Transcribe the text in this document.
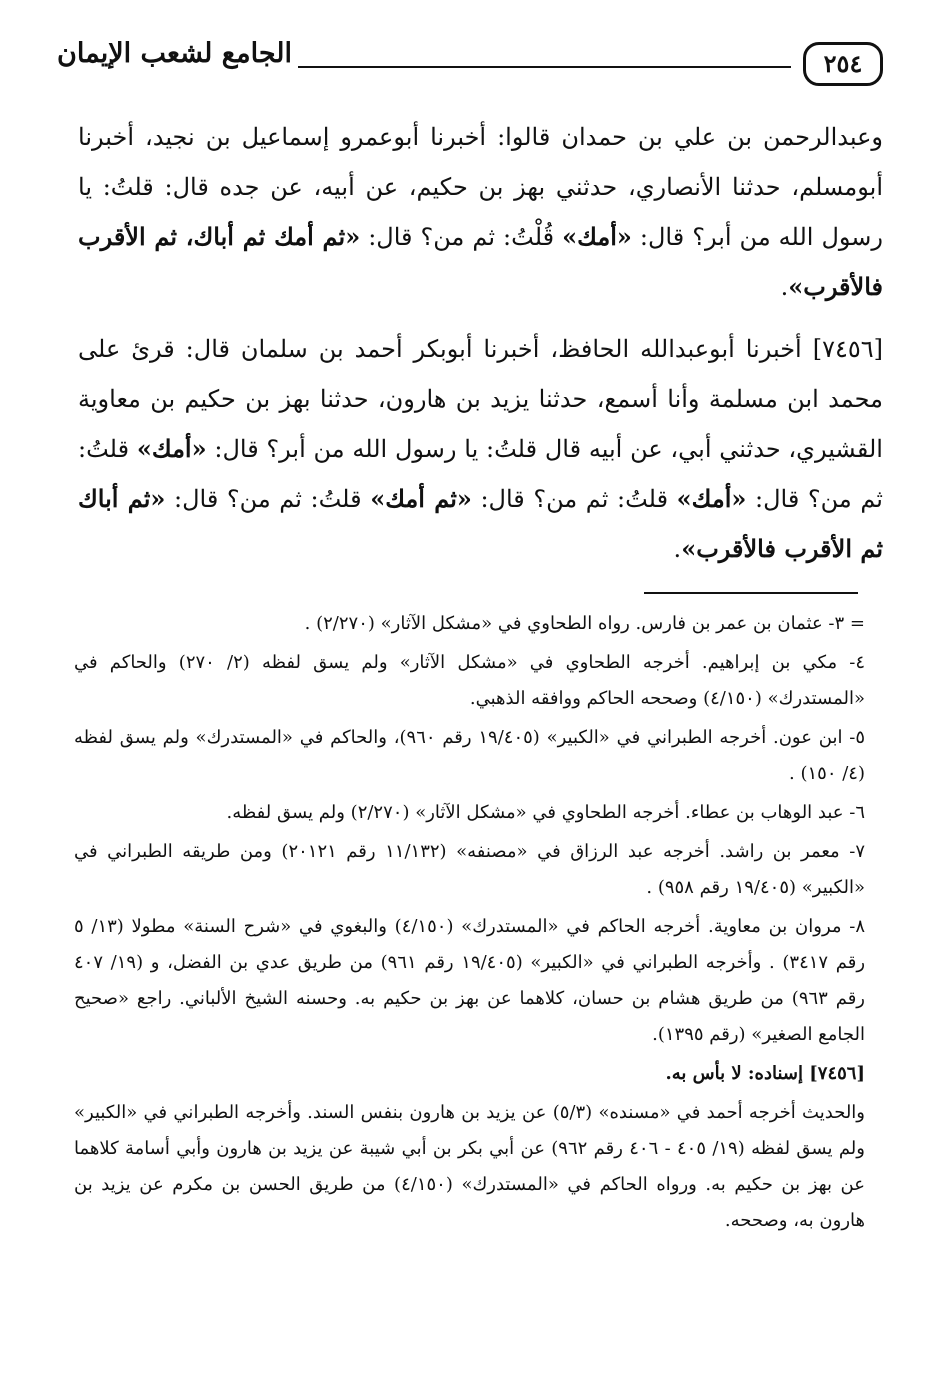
٢٥٤
الجامع لشعب الإيمان

وعبدالرحمن بن علي بن حمدان قالوا: أخبرنا أبوعمرو إسماعيل بن نجيد، أخبرنا أبومسلم، حدثنا الأنصاري، حدثني بهز بن حكيم، عن أبيه، عن جده قال: قلتُ: يا رسول الله من أبر؟ قال: «أمك» قُلْتُ: ثم من؟ قال: «ثم أمك ثم أباك، ثم الأقرب فالأقرب».

[٧٤٥٦] أخبرنا أبوعبدالله الحافظ، أخبرنا أبوبكر أحمد بن سلمان قال: قرئ على محمد ابن مسلمة وأنا أسمع، حدثنا يزيد بن هارون، حدثنا بهز بن حكيم بن معاوية القشيري، حدثني أبي، عن أبيه قال قلتُ: يا رسول الله من أبر؟ قال: «أمك» قلتُ: ثم من؟ قال: «أمك» قلتُ: ثم من؟ قال: «ثم أمك» قلتُ: ثم من؟ قال: «ثم أباك ثم الأقرب فالأقرب».

= ٣- عثمان بن عمر بن فارس. رواه الطحاوي في «مشكل الآثار» (٢/٢٧٠) .

٤- مكي بن إبراهيم. أخرجه الطحاوي في «مشكل الآثار» ولم يسق لفظه (٢/ ٢٧٠) والحاكم في «المستدرك» (٤/١٥٠) وصححه الحاكم ووافقه الذهبي.

٥- ابن عون. أخرجه الطبراني في «الكبير» (١٩/٤٠٥ رقم ٩٦٠)، والحاكم في «المستدرك» ولم يسق لفظه (٤/ ١٥٠) .

٦- عبد الوهاب بن عطاء. أخرجه الطحاوي في «مشكل الآثار» (٢/٢٧٠) ولم يسق لفظه.

٧- معمر بن راشد. أخرجه عبد الرزاق في «مصنفه» (١١/١٣٢ رقم ٢٠١٢١) ومن طريقه الطبراني في «الكبير» (١٩/٤٠٥ رقم ٩٥٨) .

٨- مروان بن معاوية. أخرجه الحاكم في «المستدرك» (٤/١٥٠) والبغوي في «شرح السنة» مطولا (١٣/ ٥ رقم ٣٤١٧) . وأخرجه الطبراني في «الكبير» (١٩/٤٠٥ رقم ٩٦١) من طريق عدي بن الفضل، و (١٩/ ٤٠٧ رقم ٩٦٣) من طريق هشام بن حسان، كلاهما عن بهز بن حكيم به. وحسنه الشيخ الألباني. راجع «صحيح الجامع الصغير» (رقم ١٣٩٥).

[٧٤٥٦] إسناده: لا بأس به.

والحديث أخرجه أحمد في «مسنده» (٥/٣) عن يزيد بن هارون بنفس السند. وأخرجه الطبراني في «الكبير» ولم يسق لفظه (١٩/ ٤٠٥ - ٤٠٦ رقم ٩٦٢) عن أبي بكر بن أبي شيبة عن يزيد بن هارون وأبي أسامة كلاهما عن بهز بن حكيم به. ورواه الحاكم في «المستدرك» (٤/١٥٠) من طريق الحسن بن مكرم عن يزيد بن هارون به، وصححه.
